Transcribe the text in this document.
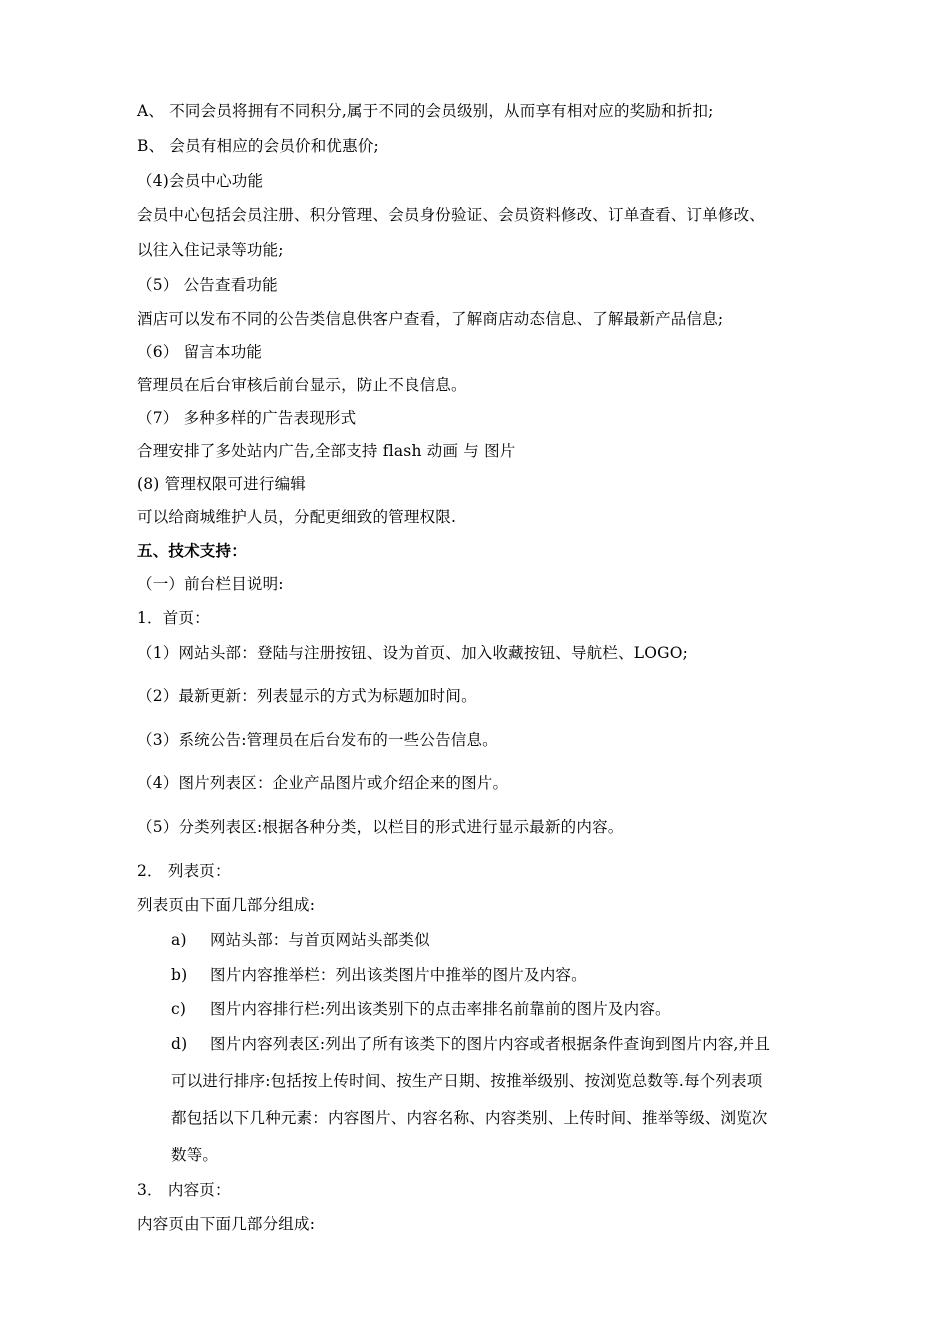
A、 不同会员将拥有不同积分,属于不同的会员级别，从而享有相对应的奖励和折扣;
B、 会员有相应的会员价和优惠价;
（4)会员中心功能
会员中心包括会员注册、积分管理、会员身份验证、会员资料修改、订单查看、订单修改、
以往入住记录等功能;
（5） 公告查看功能
酒店可以发布不同的公告类信息供客户查看，了解商店动态信息、了解最新产品信息;
（6） 留言本功能
管理员在后台审核后前台显示，防止不良信息。
（7） 多种多样的广告表现形式
合理安排了多处站内广告,全部支持 flash 动画 与 图片
(8) 管理权限可进行编辑
可以给商城维护人员，分配更细致的管理权限.
五、技术支持：
（一）前台栏目说明:
1．首页：
（1）网站头部：登陆与注册按钮、设为首页、加入收藏按钮、导航栏、LOGO;
（2）最新更新：列表显示的方式为标题加时间。
（3）系统公告:管理员在后台发布的一些公告信息。
（4）图片列表区：企业产品图片或介绍企来的图片。
（5）分类列表区:根据各种分类，以栏目的形式进行显示最新的内容。
2． 列表页：
列表页由下面几部分组成:
a) 网站头部：与首页网站头部类似
b) 图片内容推举栏：列出该类图片中推举的图片及内容。
c) 图片内容排行栏:列出该类别下的点击率排名前靠前的图片及内容。
d) 图片内容列表区:列出了所有该类下的图片内容或者根据条件查询到图片内容,并且
可以进行排序:包括按上传时间、按生产日期、按推举级别、按浏览总数等.每个列表项
都包括以下几种元素：内容图片、内容名称、内容类别、上传时间、推举等级、浏览次
数等。
3． 内容页：
内容页由下面几部分组成:
